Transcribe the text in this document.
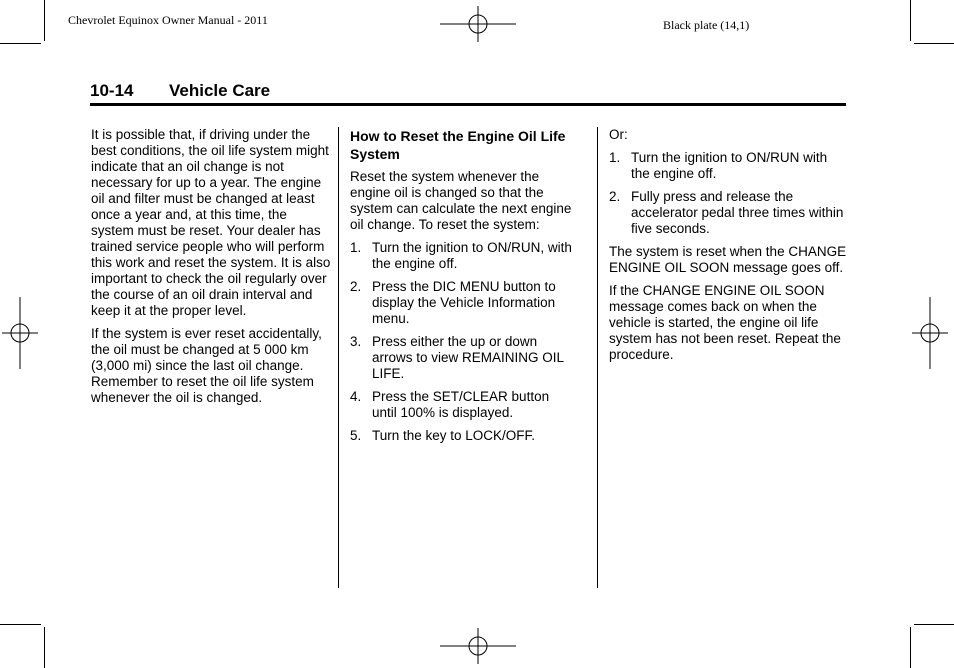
Chevrolet Equinox Owner Manual - 2011	Black plate (14,1)
10-14 Vehicle Care

It is possible that, if driving under the best conditions, the oil life system might indicate that an oil change is not necessary for up to a year. The engine oil and filter must be changed at least once a year and, at this time, the system must be reset. Your dealer has trained service people who will perform this work and reset the system. It is also important to check the oil regularly over the course of an oil drain interval and keep it at the proper level.

If the system is ever reset accidentally, the oil must be changed at 5 000 km (3,000 mi) since the last oil change. Remember to reset the oil life system whenever the oil is changed.

How to Reset the Engine Oil Life System

Reset the system whenever the engine oil is changed so that the system can calculate the next engine oil change. To reset the system:

1. Turn the ignition to ON/RUN, with the engine off.
2. Press the DIC MENU button to display the Vehicle Information menu.
3. Press either the up or down arrows to view REMAINING OIL LIFE.
4. Press the SET/CLEAR button until 100% is displayed.
5. Turn the key to LOCK/OFF.

Or:

1. Turn the ignition to ON/RUN with the engine off.
2. Fully press and release the accelerator pedal three times within five seconds.

The system is reset when the CHANGE ENGINE OIL SOON message goes off.

If the CHANGE ENGINE OIL SOON message comes back on when the vehicle is started, the engine oil life system has not been reset. Repeat the procedure.
